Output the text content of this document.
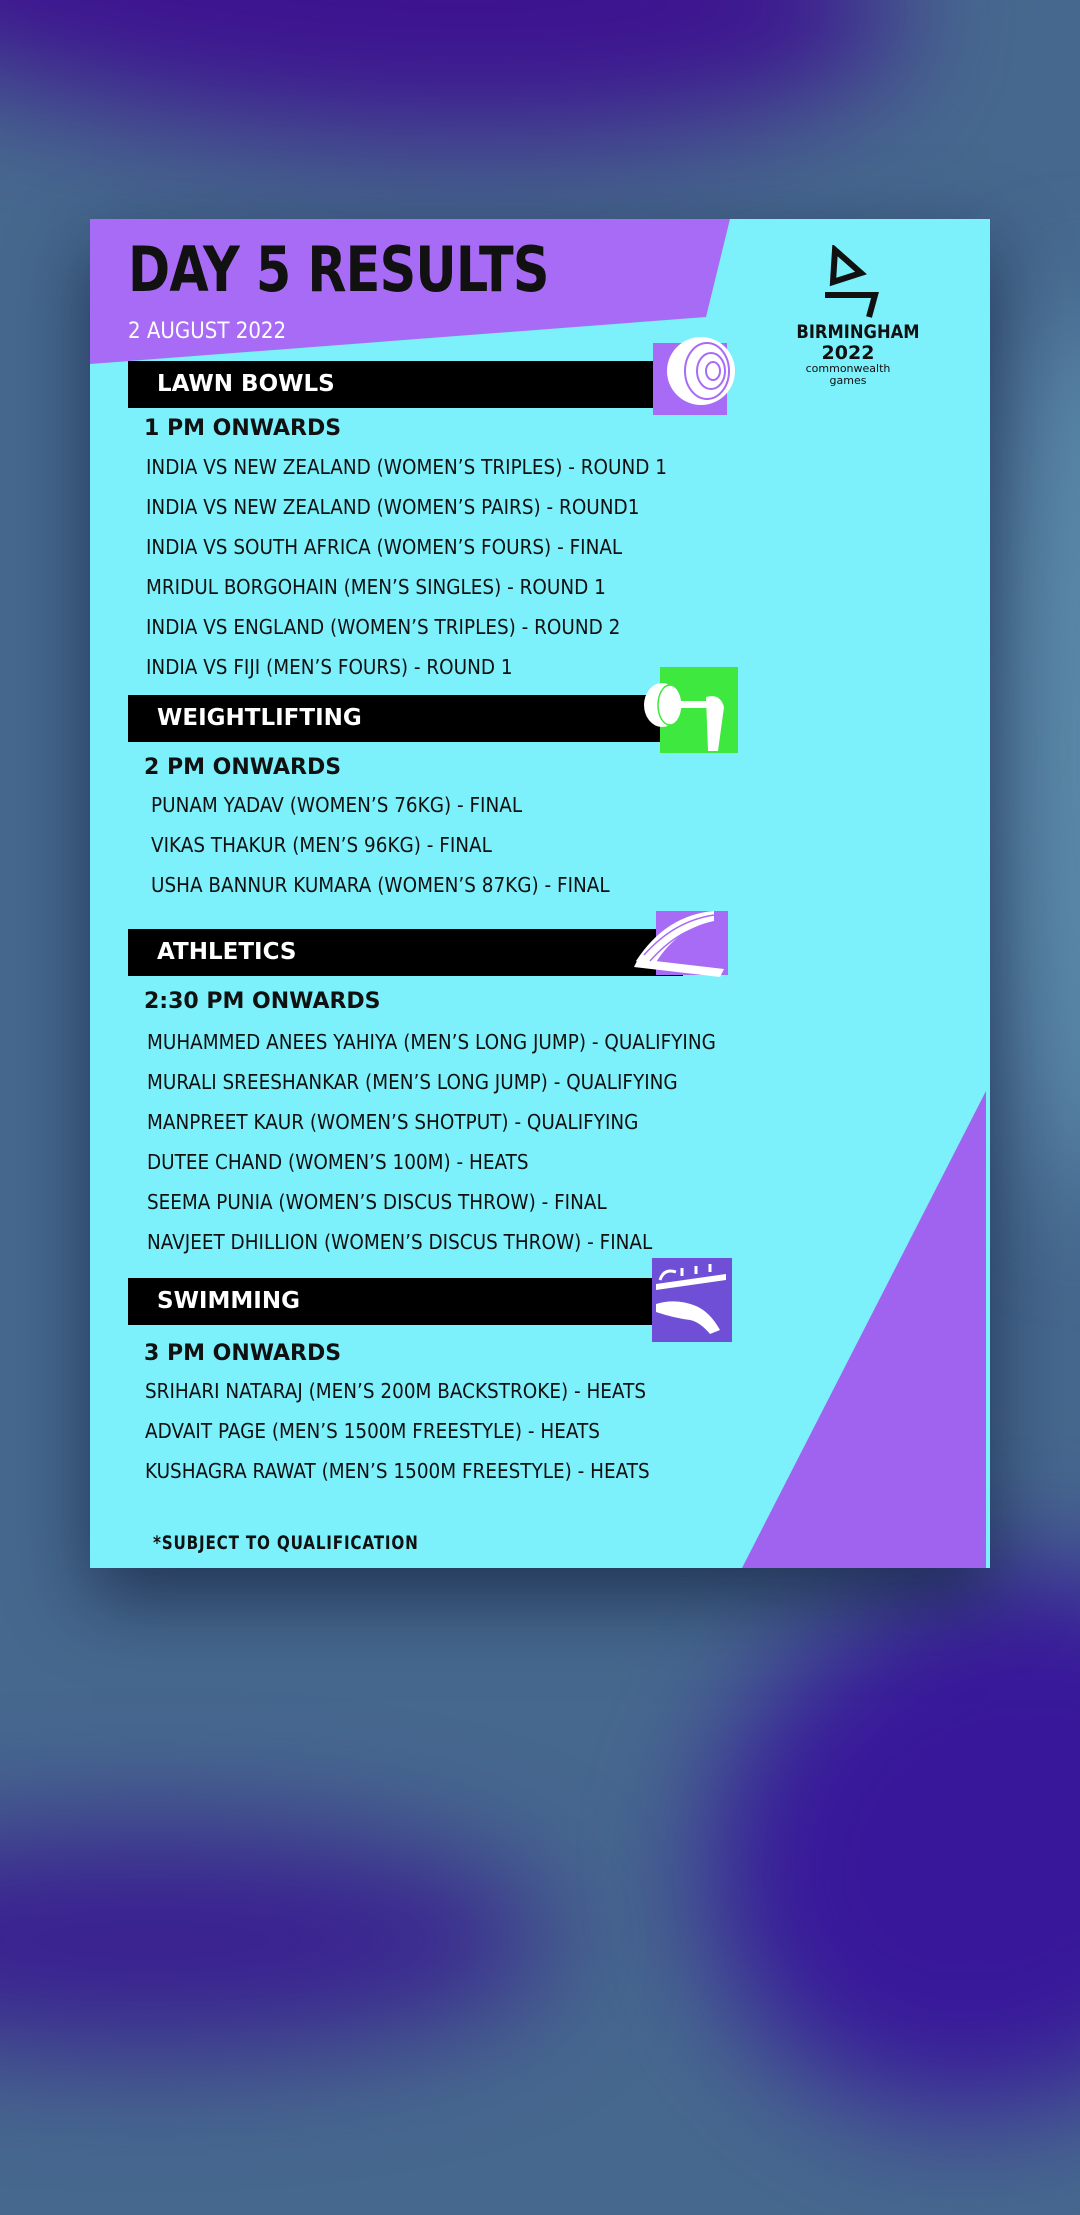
DAY 5 RESULTS
2 AUGUST 2022	BIRMINGHAM
2022
commonwealth
games
LAWN BOWLS
1 PM ONWARDS
INDIA VS NEW ZEALAND (WOMEN’S TRIPLES) - ROUND 1
INDIA VS NEW ZEALAND (WOMEN’S PAIRS) - ROUND1
INDIA VS SOUTH AFRICA (WOMEN’S FOURS) - FINAL
MRIDUL BORGOHAIN (MEN’S SINGLES) - ROUND 1
INDIA VS ENGLAND (WOMEN’S TRIPLES) - ROUND 2
INDIA VS FIJI (MEN’S FOURS) - ROUND 1
WEIGHTLIFTING
2 PM ONWARDS
PUNAM YADAV (WOMEN’S 76KG) - FINAL
VIKAS THAKUR (MEN’S 96KG) - FINAL
USHA BANNUR KUMARA (WOMEN’S 87KG) - FINAL
ATHLETICS
2:30 PM ONWARDS
MUHAMMED ANEES YAHIYA (MEN’S LONG JUMP) - QUALIFYING
MURALI SREESHANKAR (MEN’S LONG JUMP) - QUALIFYING
MANPREET KAUR (WOMEN’S SHOTPUT) - QUALIFYING
DUTEE CHAND (WOMEN’S 100M) - HEATS
SEEMA PUNIA (WOMEN’S DISCUS THROW) - FINAL
NAVJEET DHILLION (WOMEN’S DISCUS THROW) - FINAL
SWIMMING
3 PM ONWARDS
SRIHARI NATARAJ (MEN’S 200M BACKSTROKE) - HEATS
ADVAIT PAGE (MEN’S 1500M FREESTYLE) - HEATS
KUSHAGRA RAWAT (MEN’S 1500M FREESTYLE) - HEATS
*SUBJECT TO QUALIFICATION
